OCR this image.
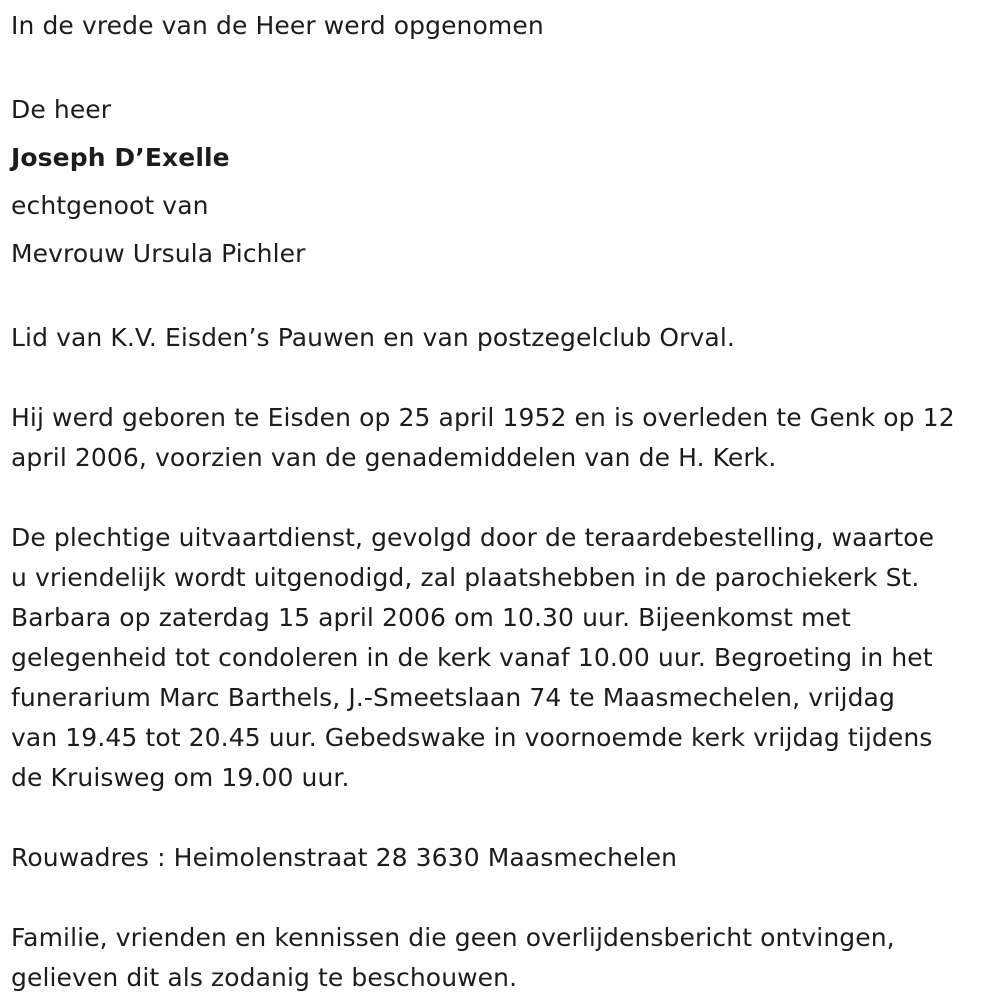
In de vrede van de Heer werd opgenomen

De heer

Joseph D’Exelle

echtgenoot van

Mevrouw Ursula Pichler

Lid van K.V. Eisden’s Pauwen en van postzegelclub Orval.

Hij werd geboren te Eisden op 25 april 1952 en is overleden te Genk op 12

april 2006, voorzien van de genademiddelen van de H. Kerk.

De plechtige uitvaartdienst, gevolgd door de teraardebestelling, waartoe

u vriendelijk wordt uitgenodigd, zal plaatshebben in de parochiekerk St.

Barbara op zaterdag 15 april 2006 om 10.30 uur. Bijeenkomst met

gelegenheid tot condoleren in de kerk vanaf 10.00 uur. Begroeting in het

funerarium Marc Barthels, J.-Smeetslaan 74 te Maasmechelen, vrijdag

van 19.45 tot 20.45 uur. Gebedswake in voornoemde kerk vrijdag tijdens

de Kruisweg om 19.00 uur.

Rouwadres : Heimolenstraat 28 3630 Maasmechelen

Familie, vrienden en kennissen die geen overlijdensbericht ontvingen,

gelieven dit als zodanig te beschouwen.
